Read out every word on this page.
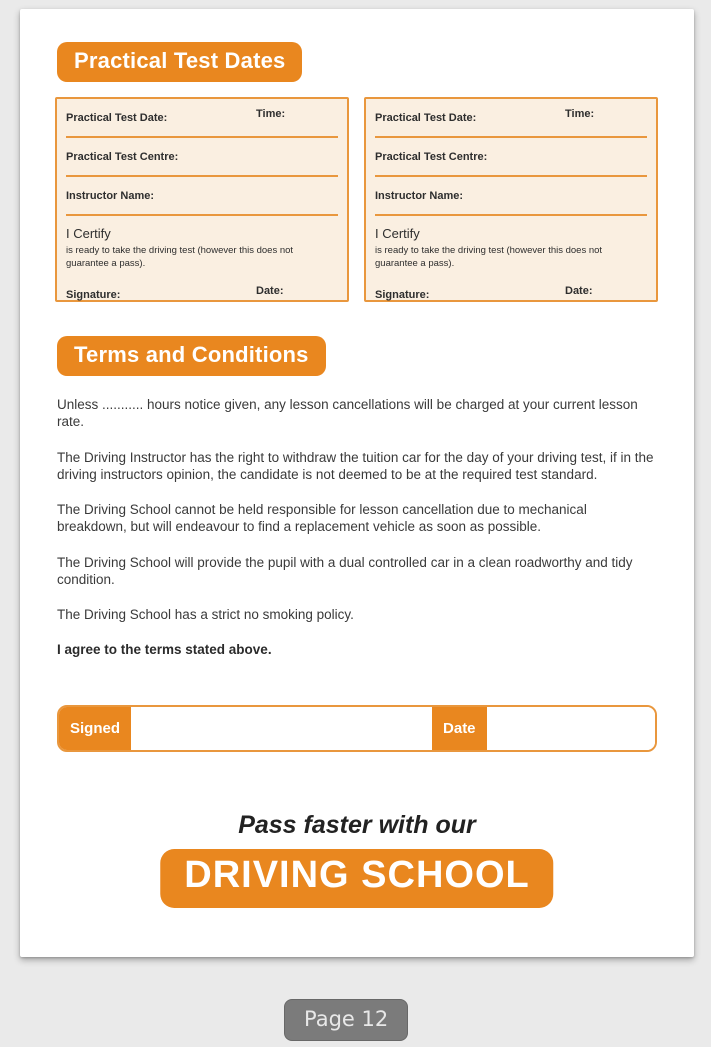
Practical Test Dates
Practical Test Date:	Time:
Practical Test Centre:
Instructor Name:
I Certify
is ready to take the driving test (however this does not guarantee a pass).
Signature:	Date:
Practical Test Date:	Time:
Practical Test Centre:
Instructor Name:
I Certify
is ready to take the driving test (however this does not guarantee a pass).
Signature:	Date:
Terms and Conditions

Unless ........... hours notice given, any lesson cancellations will be charged at your current lesson rate.

The Driving Instructor has the right to withdraw the tuition car for the day of your driving test, if in the driving instructors opinion, the candidate is not deemed to be at the required test standard.

The Driving School cannot be held responsible for lesson cancellation due to mechanical breakdown, but will endeavour to find a replacement vehicle as soon as possible.

The Driving School will provide the pupil with a dual controlled car in a clean roadworthy and tidy condition.

The Driving School has a strict no smoking policy.

I agree to the terms stated above.

Signed	Date
Pass faster with our
DRIVING SCHOOL
Page 12
